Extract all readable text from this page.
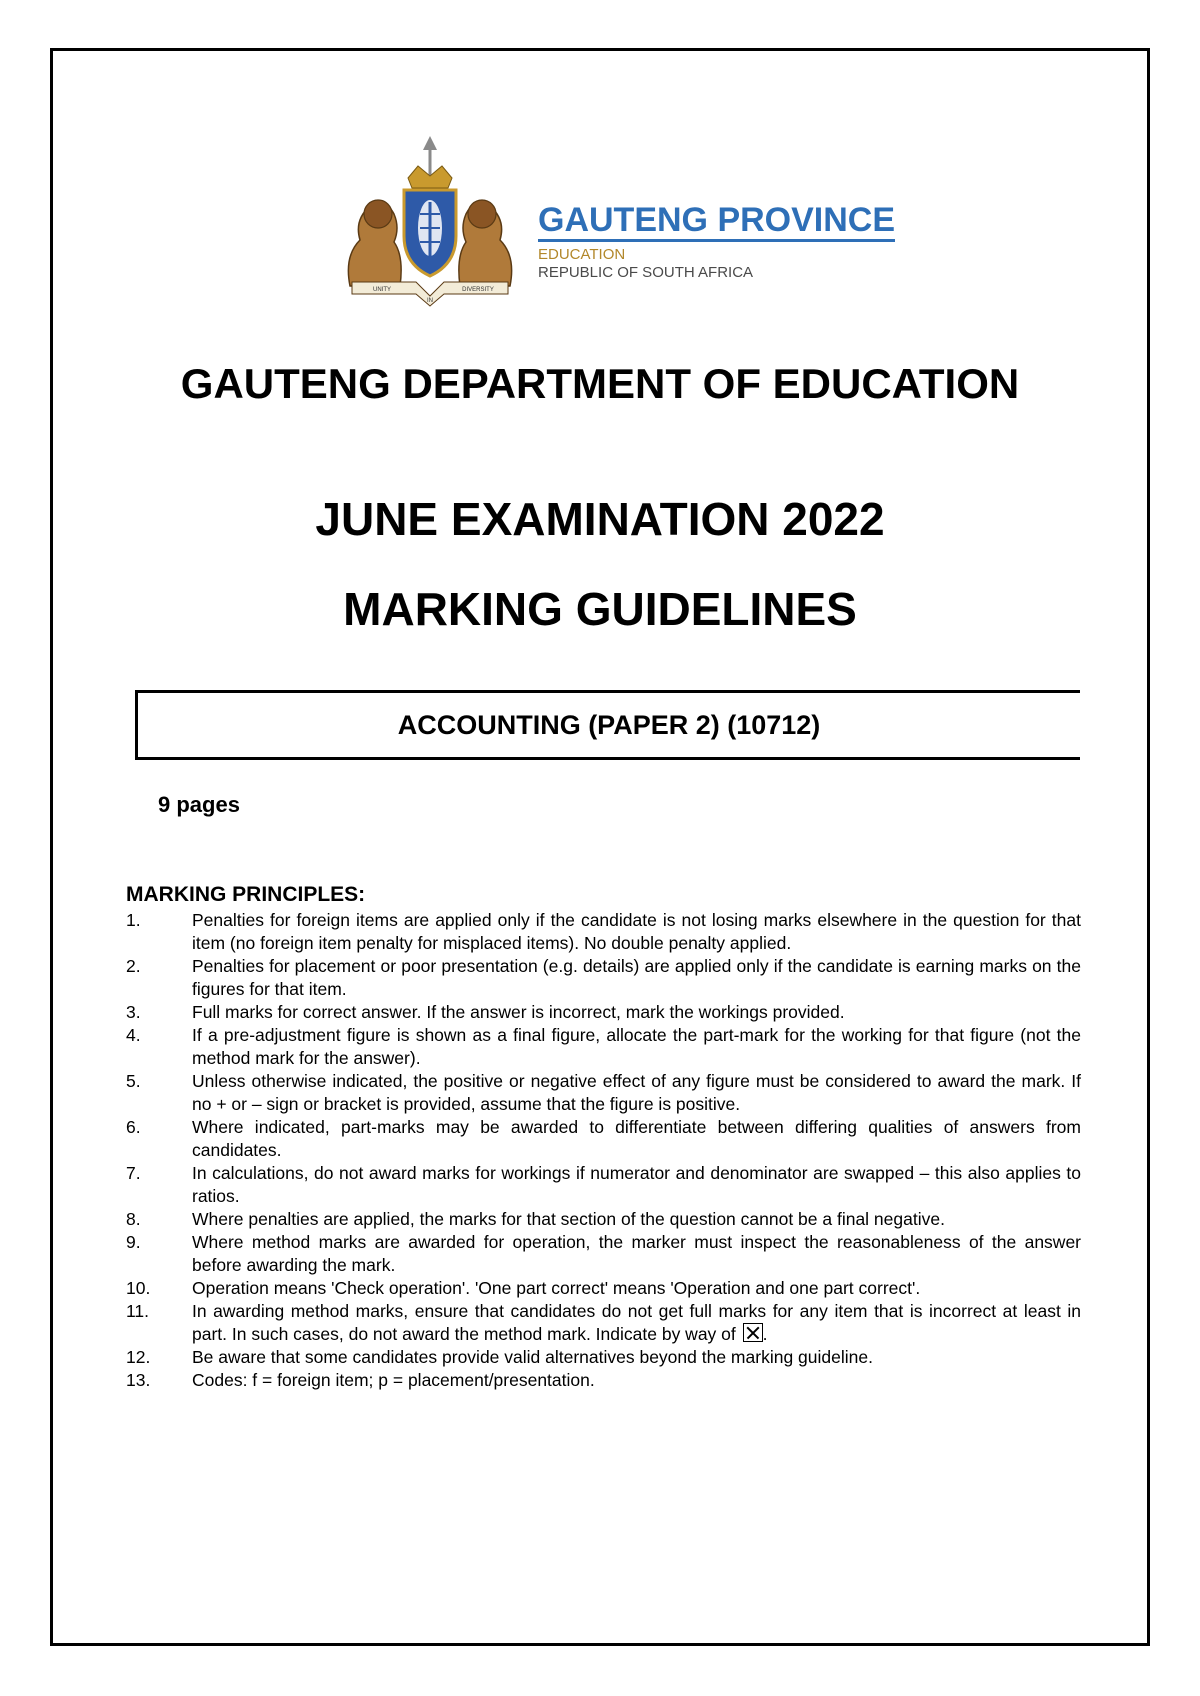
UNITY
IN
DIVERSITY
GAUTENG PROVINCE
EDUCATION
REPUBLIC OF SOUTH AFRICA
GAUTENG DEPARTMENT OF EDUCATION
JUNE EXAMINATION 2022
MARKING GUIDELINES
ACCOUNTING (PAPER 2) (10712)
9 pages
MARKING PRINCIPLES:
1.	Penalties for foreign items are applied only if the candidate is not losing marks elsewhere in the question for that item (no foreign item penalty for misplaced items). No double penalty applied.
2.	Penalties for placement or poor presentation (e.g. details) are applied only if the candidate is earning marks on the figures for that item.
3.	Full marks for correct answer. If the answer is incorrect, mark the workings provided.
4.	If a pre-adjustment figure is shown as a final figure, allocate the part-mark for the working for that figure (not the method mark for the answer).
5.	Unless otherwise indicated, the positive or negative effect of any figure must be considered to award the mark. If no + or – sign or bracket is provided, assume that the figure is positive.
6.	Where indicated, part-marks may be awarded to differentiate between differing qualities of answers from candidates.
7.	In calculations, do not award marks for workings if numerator and denominator are swapped – this also applies to ratios.
8.	Where penalties are applied, the marks for that section of the question cannot be a final negative.
9.	Where method marks are awarded for operation, the marker must inspect the reasonableness of the answer before awarding the mark.
10.	Operation means 'Check operation'. 'One part correct' means 'Operation and one part correct'.
11.	In awarding method marks, ensure that candidates do not get full marks for any item that is incorrect at least in part. In such cases, do not award the method mark. Indicate by way of ☒.
12.	Be aware that some candidates provide valid alternatives beyond the marking guideline.
13.	Codes: f = foreign item; p = placement/presentation.
